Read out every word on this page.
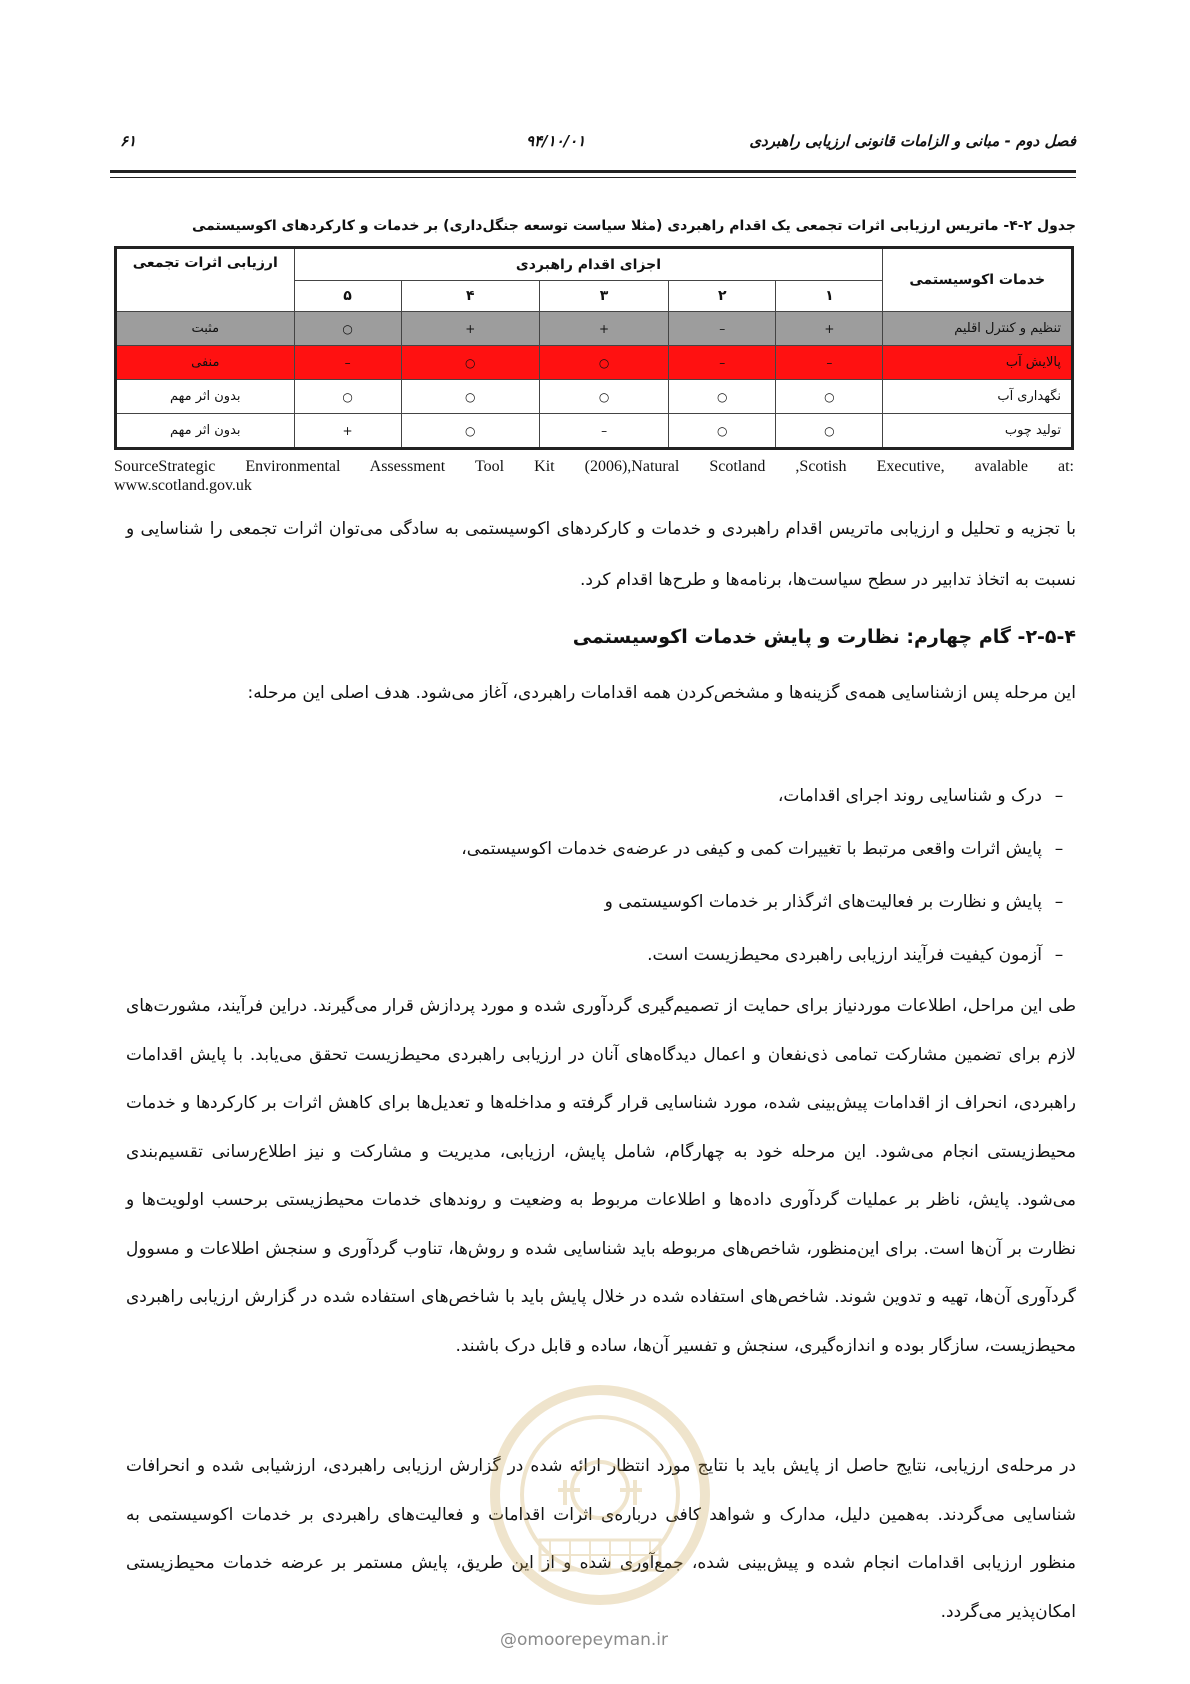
فصل دوم - مبانی و الزامات قانونی ارزیابی راهبردی
۹۴/۱۰/۰۱
۶۱
جدول ۲-۴- ماتریس ارزیابی اثرات تجمعی یک اقدام راهبردی (مثلا سیاست توسعه جنگل‌داری) بر خدمات و کارکردهای اکوسیستمی
خدمات اکوسیستمی	اجزای اقدام راهبردی					ارزیابی اثرات تجمعی
	۱	۲	۳	۴	۵	
تنظیم و کنترل اقلیم	+	–	+	+	○	مثبت
پالایش آب	–	–	○	○	–	منفی
نگهداری آب	○	○	○	○	○	بدون اثر مهم
تولید چوب	○	○	–	○	+	بدون اثر مهم
SourceStrategic Environmental Assessment Tool Kit (2006),Natural Scotland ,Scotish Executive, avalable at:
www.scotland.gov.uk
با تجزیه و تحلیل و ارزیابی ماتریس اقدام راهبردی و خدمات و کارکردهای اکوسیستمی به سادگی می‌توان اثرات تجمعی را شناسایی و نسبت به اتخاذ تدابیر در سطح سیاست‌ها، برنامه‌ها و طرح‌ها اقدام کرد.
۲-۵-۴- گام چهارم: نظارت و پایش خدمات اکوسیستمی
این مرحله پس ازشناسایی همه‌ی گزینه‌ها و مشخص‌کردن همه اقدامات راهبردی، آغاز می‌شود. هدف اصلی این مرحله:
–درک و شناسایی روند اجرای اقدامات،
–پایش اثرات واقعی مرتبط با تغییرات کمی و کیفی در عرضه‌ی خدمات اکوسیستمی،
–پایش و نظارت بر فعالیت‌های اثرگذار بر خدمات اکوسیستمی و
–آزمون کیفیت فرآیند ارزیابی راهبردی محیط‌زیست است.
طی این مراحل، اطلاعات موردنیاز برای حمایت از تصمیم‌گیری گردآوری شده و مورد پردازش قرار می‌گیرند. دراین فرآیند، مشورت‌های لازم برای تضمین مشارکت تمامی ذی‌نفعان و اعمال دیدگاه‌های آنان در ارزیابی راهبردی محیط‌زیست تحقق می‌یابد. با پایش اقدامات راهبردی، انحراف از اقدامات پیش‌بینی شده، مورد شناسایی قرار گرفته و مداخله‌ها و تعدیل‌ها برای کاهش اثرات بر کارکردها و خدمات محیط‌زیستی انجام می‌شود. این مرحله خود به چهارگام، شامل پایش، ارزیابی، مدیریت و مشارکت و نیز اطلاع‌رسانی تقسیم‌بندی می‌شود. پایش، ناظر بر عملیات گردآوری داده‌ها و اطلاعات مربوط به وضعیت و روندهای خدمات محیط‌زیستی برحسب اولویت‌ها و نظارت بر آن‌ها است. برای این‌منظور، شاخص‌های مربوطه باید شناسایی شده و روش‌ها، تناوب گردآوری و سنجش اطلاعات و مسوول گردآوری آن‌ها، تهیه و تدوین شوند. شاخص‌های استفاده شده در خلال پایش باید با شاخص‌های استفاده شده در گزارش ارزیابی راهبردی محیط‌زیست، سازگار بوده و اندازه‌گیری، سنجش و تفسیر آن‌ها، ساده و قابل درک باشند.
در مرحله‌ی ارزیابی، نتایج حاصل از پایش باید با نتایج مورد انتظار ارائه شده در گزارش ارزیابی راهبردی، ارزشیابی شده و انحرافات شناسایی می‌گردند. به‌همین دلیل، مدارک و شواهد کافی درباره‌ی اثرات اقدامات و فعالیت‌های راهبردی بر خدمات اکوسیستمی به منظور ارزیابی اقدامات انجام شده و پیش‌بینی شده، جمع‌آوری شده و از این طریق، پایش مستمر بر عرضه خدمات محیط‌زیستی امکان‌پذیر می‌گردد.
@omoorepeyman.ir
